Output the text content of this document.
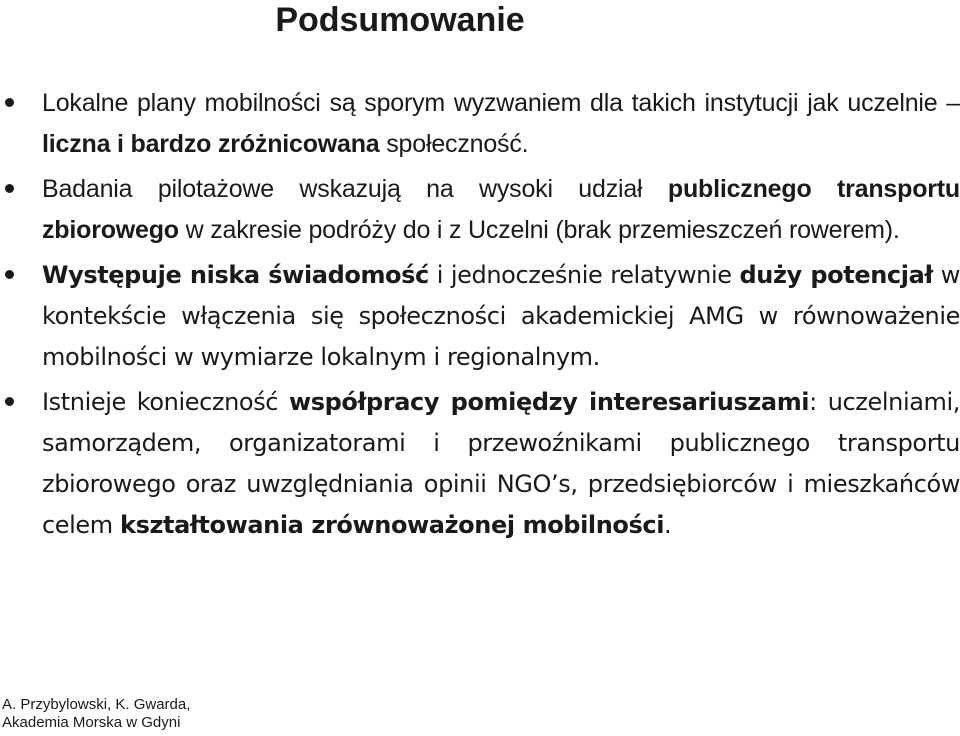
Podsumowanie
Lokalne plany mobilności są sporym wyzwaniem dla takich instytucji jak uczelnie – liczna i bardzo zróżnicowana społeczność.
Badania pilotażowe wskazują na wysoki udział publicznego transportu zbiorowego w zakresie podróży do i z Uczelni (brak przemieszczeń rowerem).
Występuje niska świadomość i jednocześnie relatywnie duży potencjał w kontekście włączenia się społeczności akademickiej AMG w równoważenie mobilności w wymiarze lokalnym i regionalnym.
Istnieje konieczność współpracy pomiędzy interesariuszami: uczelniami, samorządem, organizatorami i przewoźnikami publicznego transportu zbiorowego oraz uwzględniania opinii NGO’s, przedsiębiorców i mieszkańców celem kształtowania zrównoważonej mobilności.
A. Przybylowski, K. Gwarda,
Akademia Morska w Gdyni
